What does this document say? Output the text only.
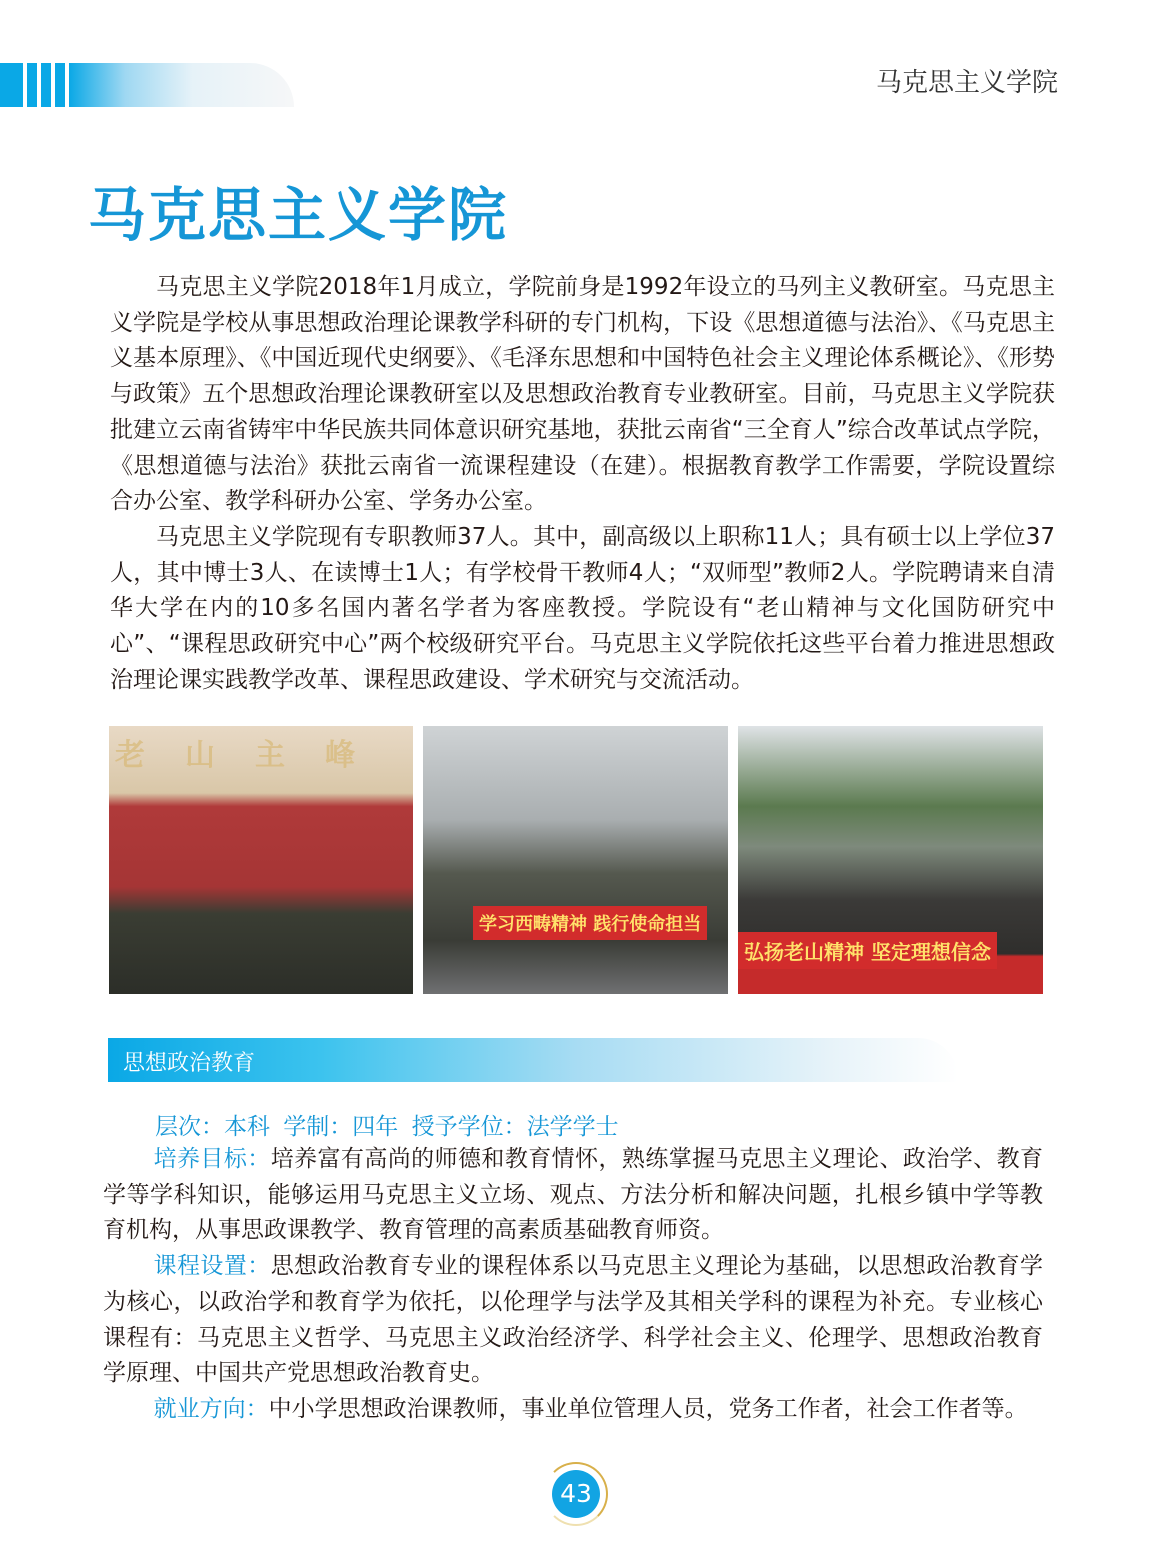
马克思主义学院
马克思主义学院

马克思主义学院2018年1月成立，学院前身是1992年设立的马列主义教研室。马克思主义学院是学校从事思想政治理论课教学科研的专门机构，下设《思想道德与法治》、《马克思主义基本原理》、《中国近现代史纲要》、《毛泽东思想和中国特色社会主义理论体系概论》、《形势与政策》五个思想政治理论课教研室以及思想政治教育专业教研室。目前，马克思主义学院获批建立云南省铸牢中华民族共同体意识研究基地，获批云南省“三全育人”综合改革试点学院，《思想道德与法治》获批云南省一流课程建设（在建）。根据教育教学工作需要，学院设置综合办公室、教学科研办公室、学务办公室。

马克思主义学院现有专职教师37人。其中，副高级以上职称11人；具有硕士以上学位37人，其中博士3人、在读博士1人；有学校骨干教师4人；“双师型”教师2人。学院聘请来自清华大学在内的10多名国内著名学者为客座教授。学院设有“老山精神与文化国防研究中心”、“课程思政研究中心”两个校级研究平台。马克思主义学院依托这些平台着力推进思想政治理论课实践教学改革、课程思政建设、学术研究与交流活动。

老山主峰
学习西畴精神 践行使命担当
弘扬老山精神 坚定理想信念
思想政治教育
层次：本科 学制：四年 授予学位：法学学士

培养目标：培养富有高尚的师德和教育情怀，熟练掌握马克思主义理论、政治学、教育学等学科知识，能够运用马克思主义立场、观点、方法分析和解决问题，扎根乡镇中学等教育机构，从事思政课教学、教育管理的高素质基础教育师资。

课程设置：思想政治教育专业的课程体系以马克思主义理论为基础，以思想政治教育学为核心，以政治学和教育学为依托，以伦理学与法学及其相关学科的课程为补充。专业核心课程有：马克思主义哲学、马克思主义政治经济学、科学社会主义、伦理学、思想政治教育学原理、中国共产党思想政治教育史。

就业方向：中小学思想政治课教师，事业单位管理人员，党务工作者，社会工作者等。

43
